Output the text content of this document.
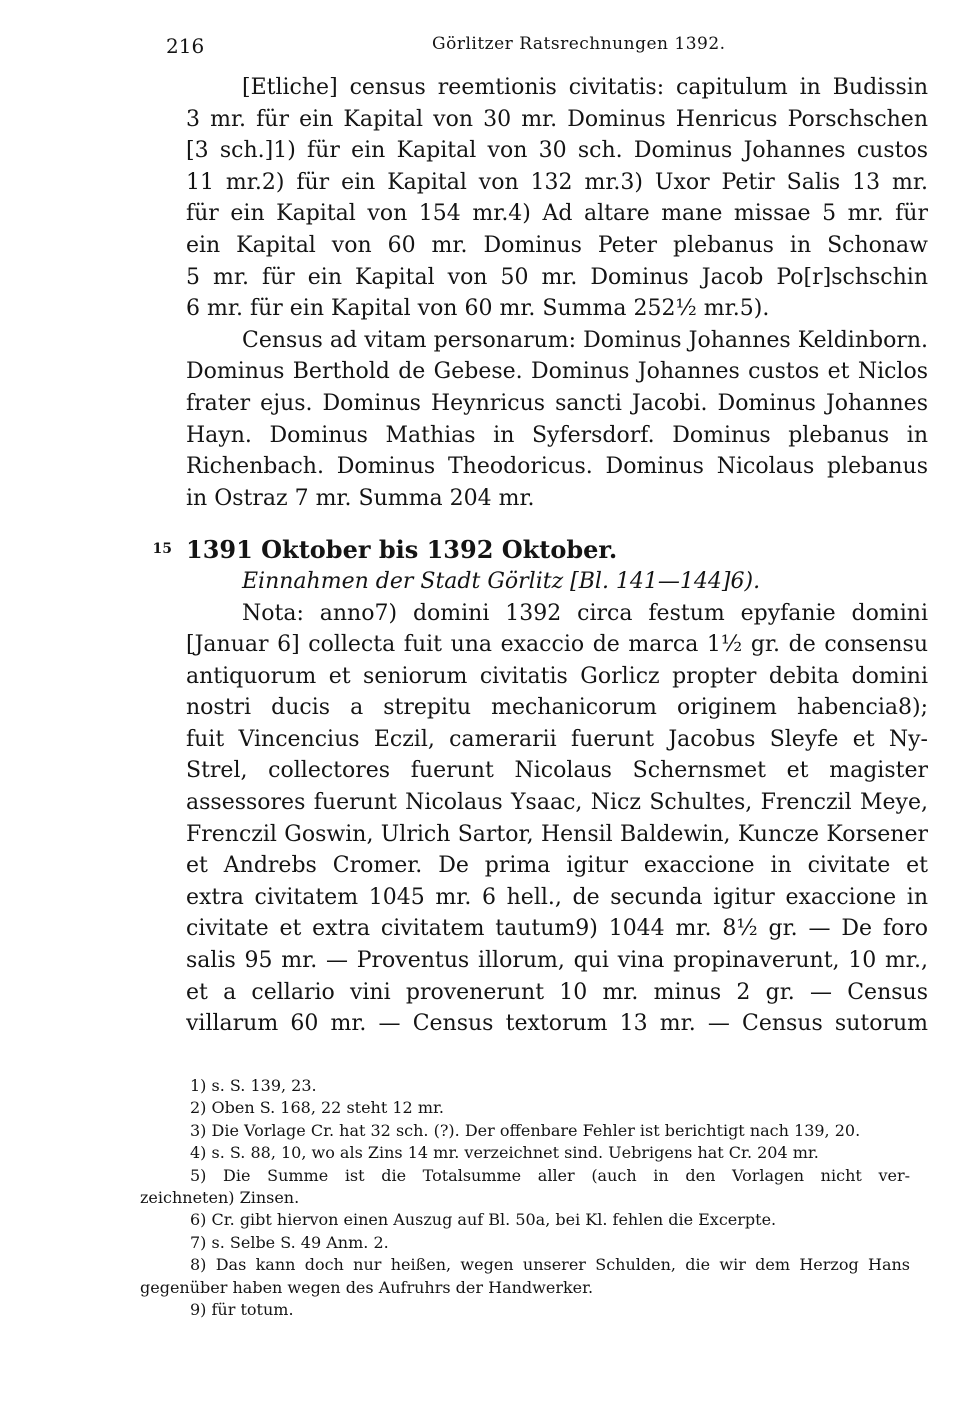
216	Görlitzer Ratsrechnungen 1392.
[Etliche] census reemtionis civitatis: capitulum in Budissin
3 mr. für ein Kapital von 30 mr. Dominus Henricus Porschschen
[3 sch.]1) für ein Kapital von 30 sch. Dominus Johannes custos
11 mr.2) für ein Kapital von 132 mr.3) Uxor Petir Salis 13 mr.
für ein Kapital von 154 mr.4) Ad altare mane missae 5 mr. für
ein Kapital von 60 mr. Dominus Peter plebanus in Schonaw
5 mr. für ein Kapital von 50 mr. Dominus Jacob Po[r]schschin
6 mr. für ein Kapital von 60 mr. Summa 252½ mr.5).
Census ad vitam personarum: Dominus Johannes Keldinborn.
Dominus Berthold de Gebese. Dominus Johannes custos et Niclos
frater ejus. Dominus Heynricus sancti Jacobi. Dominus Johannes
Hayn. Dominus Mathias in Syfersdorf. Dominus plebanus in
Richenbach. Dominus Theodoricus. Dominus Nicolaus plebanus
in Ostraz 7 mr. Summa 204 mr.
1391 Oktober bis 1392 Oktober.
15
Einnahmen der Stadt Görlitz [Bl. 141—144]6).
Nota: anno7) domini 1392 circa festum epyfanie domini
[Januar 6] collecta fuit una exaccio de marca 1½ gr. de consensu
antiquorum et seniorum civitatis Gorlicz propter debita domini
nostri ducis a strepitu mechanicorum originem habencia8);
fuit Vincencius Eczil, camerarii fuerunt Jacobus Sleyfe et Ny-
Strel, collectores fuerunt Nicolaus Schernsmet et magister
assessores fuerunt Nicolaus Ysaac, Nicz Schultes, Frenczil Meye,
Frenczil Goswin, Ulrich Sartor, Hensil Baldewin, Kuncze Korsener
et Andrebs Cromer. De prima igitur exaccione in civitate et
extra civitatem 1045 mr. 6 hell., de secunda igitur exaccione in
civitate et extra civitatem tautum9) 1044 mr. 8½ gr. — De foro
salis 95 mr. — Proventus illorum, qui vina propinaverunt, 10 mr.,
et a cellario vini provenerunt 10 mr. minus 2 gr. — Census
villarum 60 mr. — Census textorum 13 mr. — Census sutorum
1) s. S. 139, 23.
2) Oben S. 168, 22 steht 12 mr.
3) Die Vorlage Cr. hat 32 sch. (?). Der offenbare Fehler ist berichtigt nach 139, 20.
4) s. S. 88, 10, wo als Zins 14 mr. verzeichnet sind. Uebrigens hat Cr. 204 mr.
5) Die Summe ist die Totalsumme aller (auch in den Vorlagen nicht ver-
zeichneten) Zinsen.
6) Cr. gibt hiervon einen Auszug auf Bl. 50a, bei Kl. fehlen die Excerpte.
7) s. Selbe S. 49 Anm. 2.
8) Das kann doch nur heißen, wegen unserer Schulden, die wir dem Herzog Hans
gegenüber haben wegen des Aufruhrs der Handwerker.
9) für totum.
